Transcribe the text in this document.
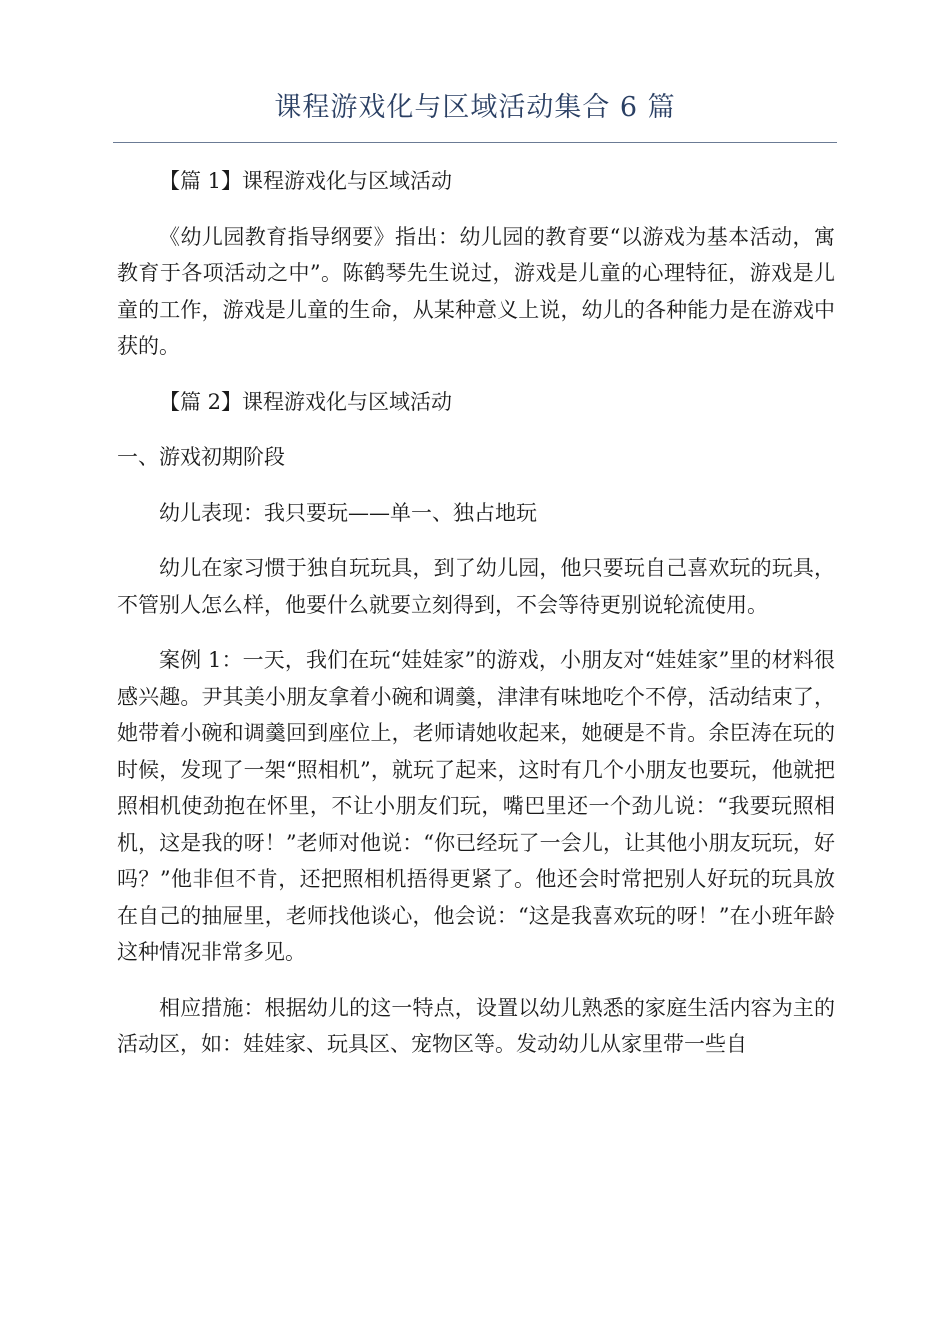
课程游戏化与区域活动集合 6 篇

【篇 1】课程游戏化与区域活动

《幼儿园教育指导纲要》指出：幼儿园的教育要“以游戏为基本活动，寓教育于各项活动之中”。陈鹤琴先生说过，游戏是儿童的心理特征，游戏是儿童的工作，游戏是儿童的生命，从某种意义上说，幼儿的各种能力是在游戏中获的。

【篇 2】课程游戏化与区域活动

一、游戏初期阶段

幼儿表现：我只要玩——单一、独占地玩

幼儿在家习惯于独自玩玩具，到了幼儿园，他只要玩自己喜欢玩的玩具，不管别人怎么样，他要什么就要立刻得到，不会等待更别说轮流使用。

案例 1：一天，我们在玩“娃娃家”的游戏，小朋友对“娃娃家”里的材料很感兴趣。尹其美小朋友拿着小碗和调羹，津津有味地吃个不停，活动结束了，她带着小碗和调羹回到座位上，老师请她收起来，她硬是不肯。余臣涛在玩的时候，发现了一架“照相机”，就玩了起来，这时有几个小朋友也要玩，他就把照相机使劲抱在怀里，不让小朋友们玩，嘴巴里还一个劲儿说：“我要玩照相机，这是我的呀！”老师对他说：“你已经玩了一会儿，让其他小朋友玩玩，好吗？”他非但不肯，还把照相机捂得更紧了。他还会时常把别人好玩的玩具放在自己的抽屉里，老师找他谈心，他会说：“这是我喜欢玩的呀！”在小班年龄这种情况非常多见。

相应措施：根据幼儿的这一特点，设置以幼儿熟悉的家庭生活内容为主的活动区，如：娃娃家、玩具区、宠物区等。发动幼儿从家里带一些自
